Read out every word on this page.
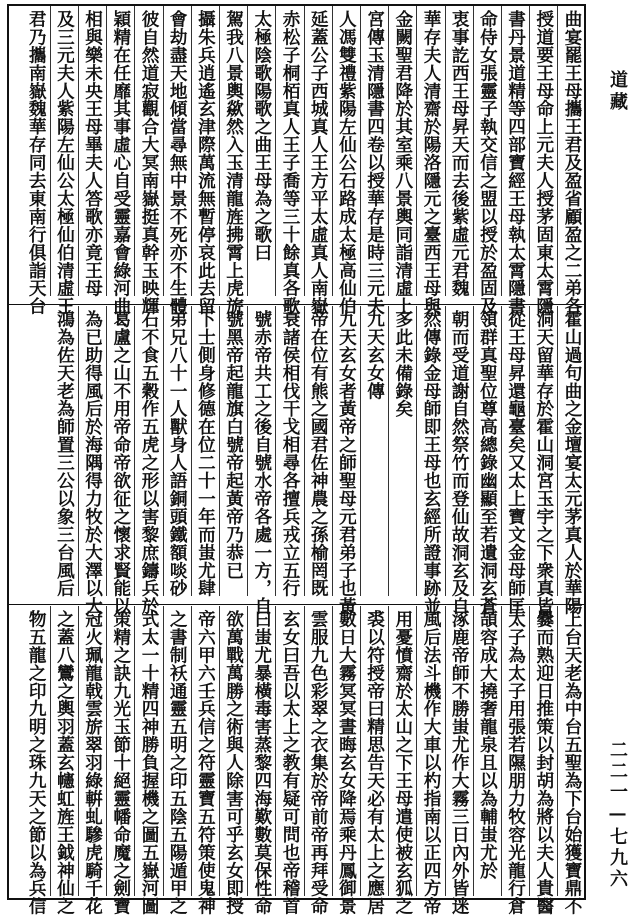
道藏
二二一—七九六
曲宴罷王母攜王君及盈省顧盈之二弟各
授道要王母命上元夫人授茅固東太霄隱
書丹景道精等四部寶經王母執太霄隱書
命侍女張靈子執交信之盟以授於盈固及
衷事訖西王母昇天而去後紫虛元君魏
華存夫人清齋於陽洛隱元之臺西王母與
金闕聖君降於其室乘八景輿同詣清虛上
宮傳玉清隱書四卷以授華存是時三元夫
人馮雙禮紫陽左仙公石路成太極高仙伯
延蓋公子西城真人王方平太虛真人南嶽
赤松子桐栢真人王子喬等三十餘真各歌
太極陰歌陽歌之曲王母為之歌曰
駕我八景輿歘然入玉清龍旌拂霄上虎旂
攝朱兵逍遙玄津際萬流無暫停哀此去留
會劫盡天地傾當尋無中景不死亦不生體
彼自然道寂觀合大冥南嶽挺真幹玉映輝
穎精在任靡其事虛心自受靈嘉會綠河曲
相與樂未央王母畢夫人答歌亦竟王母
及三元夫人紫陽左仙公太極仙伯清虛王
君乃攜南嶽魏華存同去東南行俱詣天台
霍山過句曲之金壇宴太元茅真人於華陽
洞天留華存於霍山洞宮玉宇之下衆真皆
從王母昇還龜臺矣又太上寶文金母師匡
領群真聖位尊高總錄幽顯至若遺洞玄蒼
朝而受道謝自然祭竹而登仙故洞玄及自
然傳錄金母師即王母也玄經所證事跡並
多此未備錄矣
九天玄女傳
九天玄女者黃帝之師聖母元君弟子也黃
帝在位有熊之國君佐神農之孫榆罔既
衰諸侯相伐干戈相尋各擅兵戎立五行
號赤帝共工之後自號水帝各處一方，自
號黑帝起龍旗白號帝起黃帝乃恭已
下士側身修德在位二十一年而蚩尤肆
弟兄八十一人獸身人語銅頭鐵額啖砂
石不食五穀作五虎之形以害黎庶鑄兵於
葛盧之山不用帝命帝欲征之懷求賢能以
為已助得風后於海隅得力牧於大澤以大
鴻為佐天老為師置三公以象三台風后
上台天老為中台五聖為下台始獲寶鼎不
爨而熟迎日推策以封胡為將以夫人貴醫
太子為太子用張若隰朋力牧容光龍行倉
頡容成大撓奢龍泉且以為輔蚩尤於
涿鹿帝師不勝蚩尤作大霧三日內外皆迷
風后法斗機作大車以杓指南以正四方帝
用憂憤齋於太山之下王母遣使被玄狐之
裘以符授帝曰精思告天必有太上之應居
數日大霧冥冥晝晦玄女降焉乘丹鳳御景
雲服九色彩翠之衣集於帝前帝再拜受命
玄女曰吾以太上之教有疑可問也帝稽首
曰蚩尤暴橫毒害蒸黎四海歎數莫保性命
欲萬戰萬勝之術與人除害可乎玄女即授
帝六甲六壬兵信之符靈寶五符策使鬼神
之書制袄通靈五明之印五陰五陽遁甲之
式太一十精四神勝負握機之圖五嶽河圖
策精之訣九光玉節十絕靈幡命魔之劍寶
冠火珮龍戟雲旂翠羽綠輧虬驂虎騎千花
之蓋八鸞之輿羽蓋玄幰虹旌王鉞神仙之
物五龍之印九明之珠九天之節以為兵信
